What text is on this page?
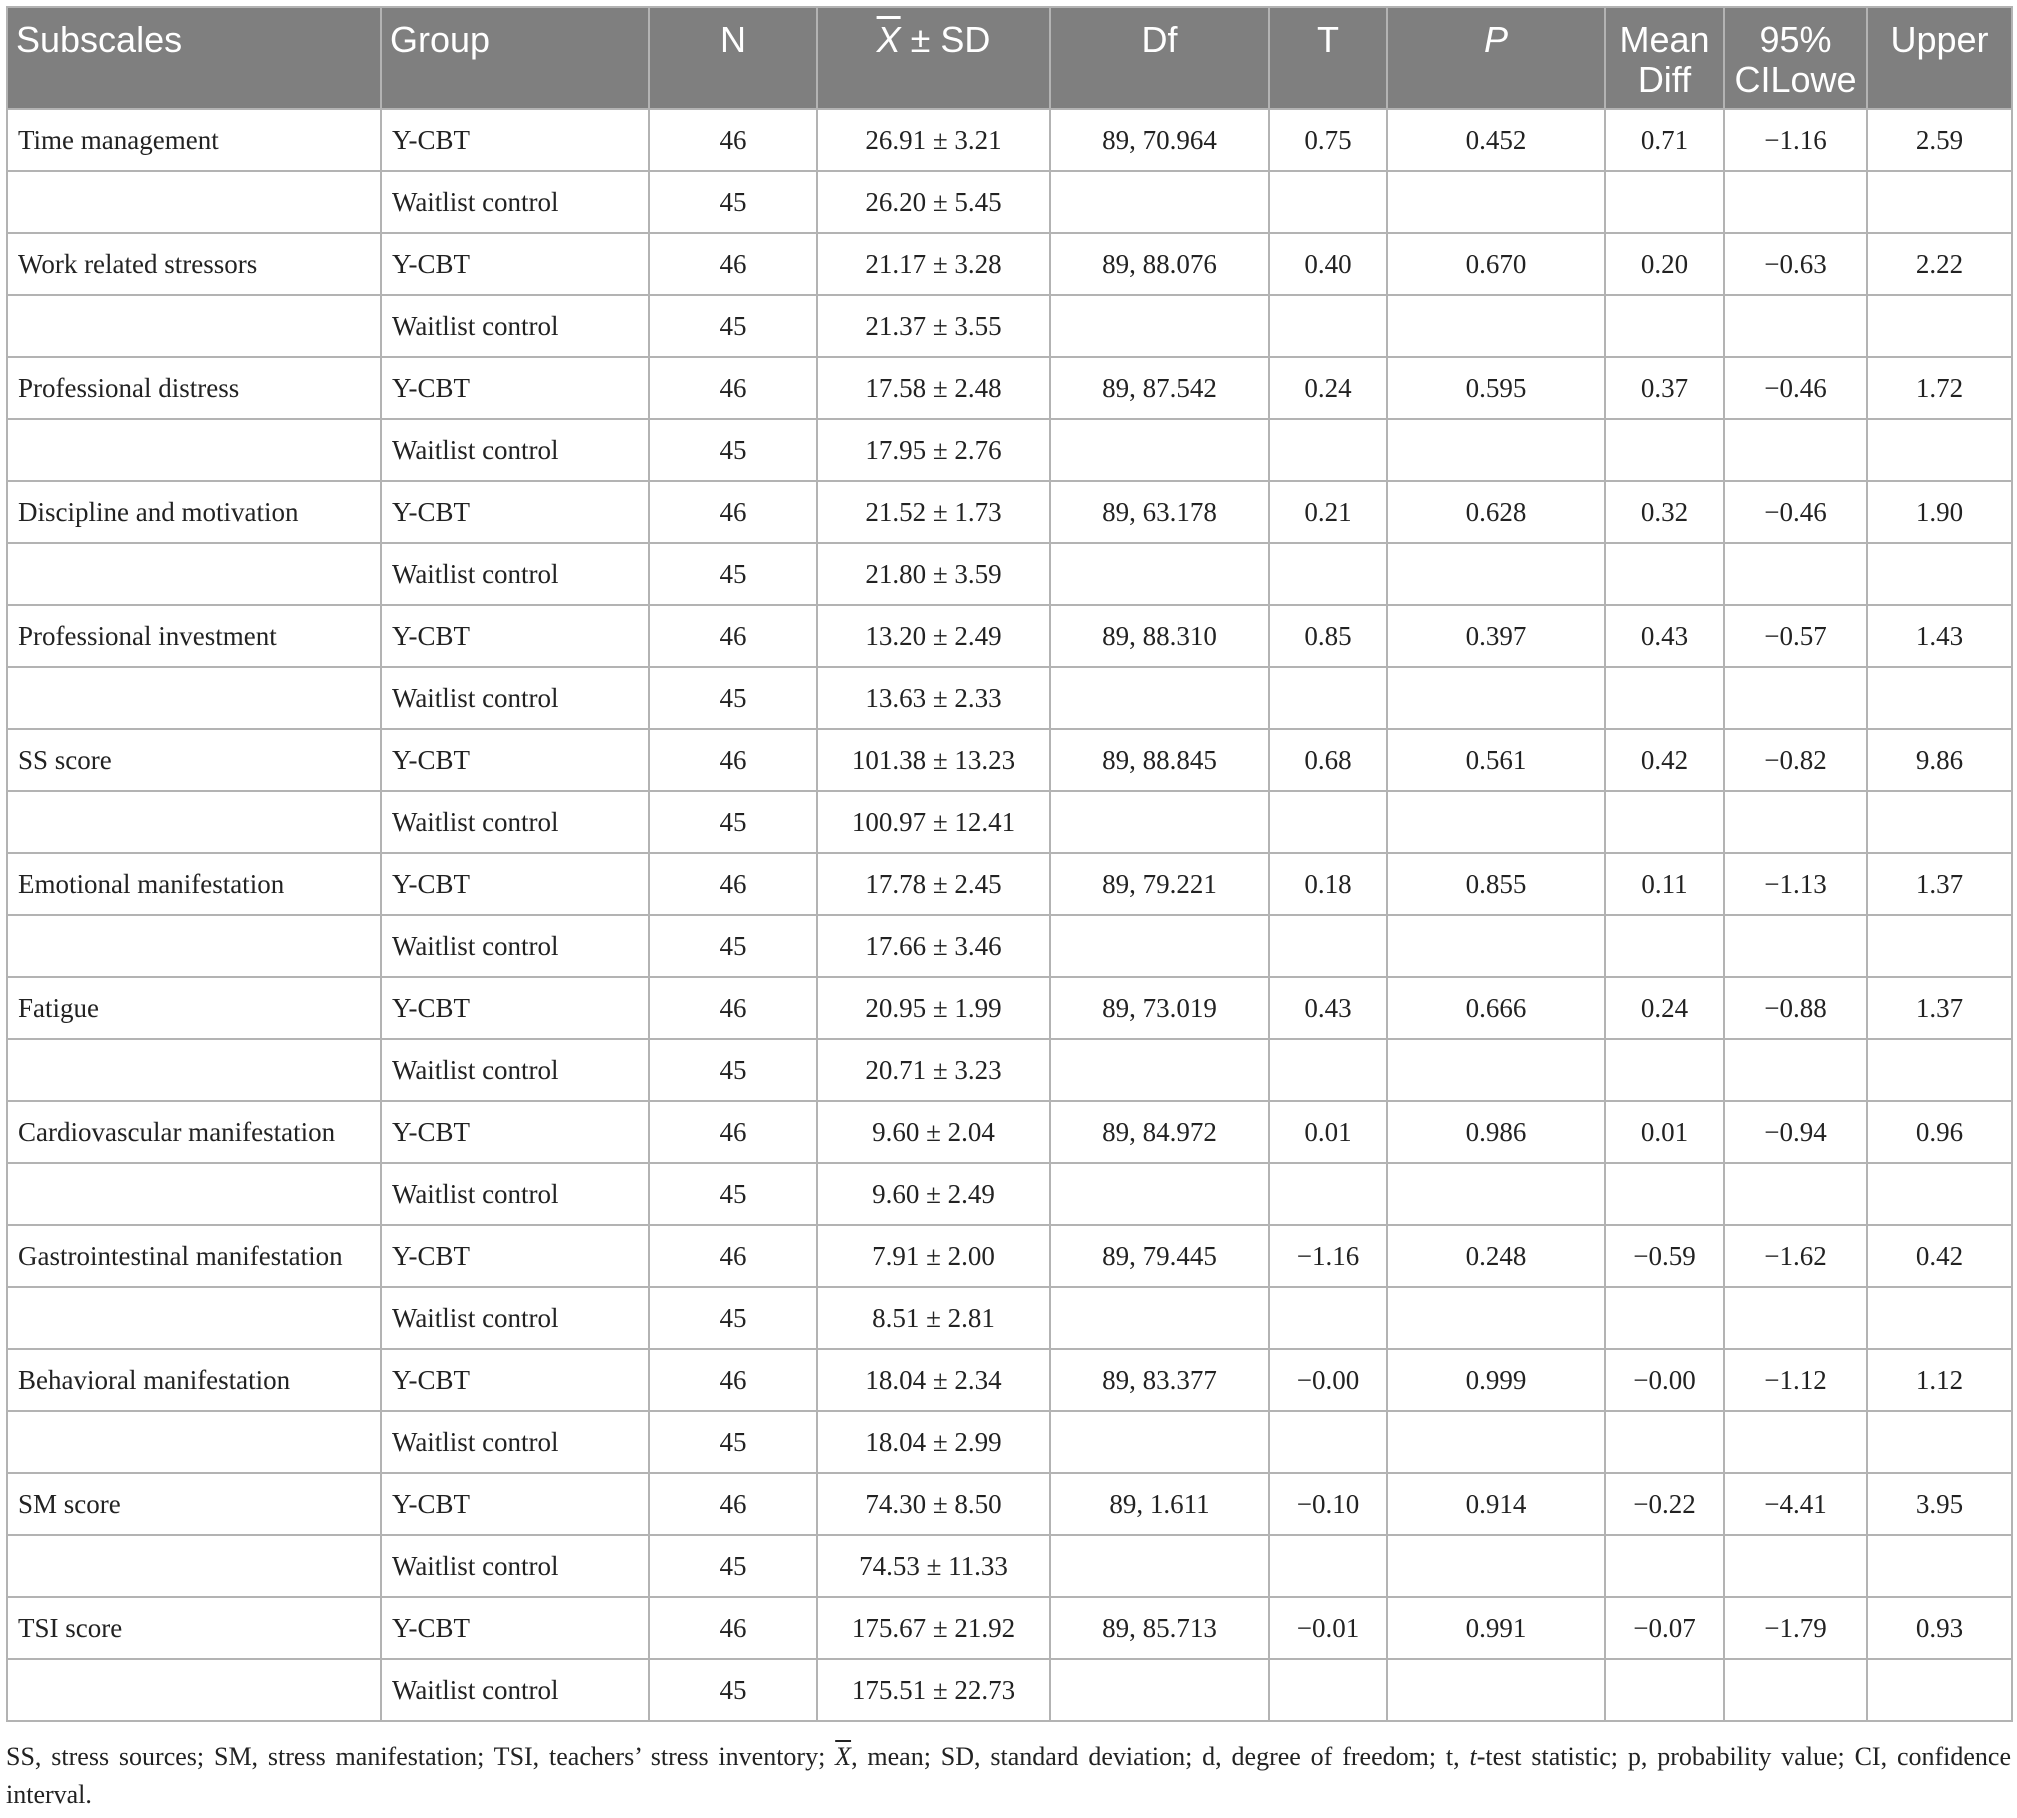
Subscales	Group	N	$\overline{X}$ ± SD	Df	T	P	Mean Diff	95% CILowe	Upper
Time management	Y-CBT	46	26.91 ± 3.21	89, 70.964	0.75	0.452	0.71	−1.16	2.59
	Waitlist control	45	26.20 ± 5.45						
Work related stressors	Y-CBT	46	21.17 ± 3.28	89, 88.076	0.40	0.670	0.20	−0.63	2.22
	Waitlist control	45	21.37 ± 3.55						
Professional distress	Y-CBT	46	17.58 ± 2.48	89, 87.542	0.24	0.595	0.37	−0.46	1.72
	Waitlist control	45	17.95 ± 2.76						
Discipline and motivation	Y-CBT	46	21.52 ± 1.73	89, 63.178	0.21	0.628	0.32	−0.46	1.90
	Waitlist control	45	21.80 ± 3.59						
Professional investment	Y-CBT	46	13.20 ± 2.49	89, 88.310	0.85	0.397	0.43	−0.57	1.43
	Waitlist control	45	13.63 ± 2.33						
SS score	Y-CBT	46	101.38 ± 13.23	89, 88.845	0.68	0.561	0.42	−0.82	9.86
	Waitlist control	45	100.97 ± 12.41						
Emotional manifestation	Y-CBT	46	17.78 ± 2.45	89, 79.221	0.18	0.855	0.11	−1.13	1.37
	Waitlist control	45	17.66 ± 3.46						
Fatigue	Y-CBT	46	20.95 ± 1.99	89, 73.019	0.43	0.666	0.24	−0.88	1.37
	Waitlist control	45	20.71 ± 3.23						
Cardiovascular manifestation	Y-CBT	46	9.60 ± 2.04	89, 84.972	0.01	0.986	0.01	−0.94	0.96
	Waitlist control	45	9.60 ± 2.49						
Gastrointestinal manifestation	Y-CBT	46	7.91 ± 2.00	89, 79.445	−1.16	0.248	−0.59	−1.62	0.42
	Waitlist control	45	8.51 ± 2.81						
Behavioral manifestation	Y-CBT	46	18.04 ± 2.34	89, 83.377	−0.00	0.999	−0.00	−1.12	1.12
	Waitlist control	45	18.04 ± 2.99						
SM score	Y-CBT	46	74.30 ± 8.50	89, 1.611	−0.10	0.914	−0.22	−4.41	3.95
	Waitlist control	45	74.53 ± 11.33						
TSI score	Y-CBT	46	175.67 ± 21.92	89, 85.713	−0.01	0.991	−0.07	−1.79	0.93
	Waitlist control	45	175.51 ± 22.73						
SS, stress sources; SM, stress manifestation; TSI, teachers’ stress inventory; $\overline{X}$, mean; SD, standard deviation; d, degree of freedom; t, t-test statistic; p, probability value; CI, confidence interval.
